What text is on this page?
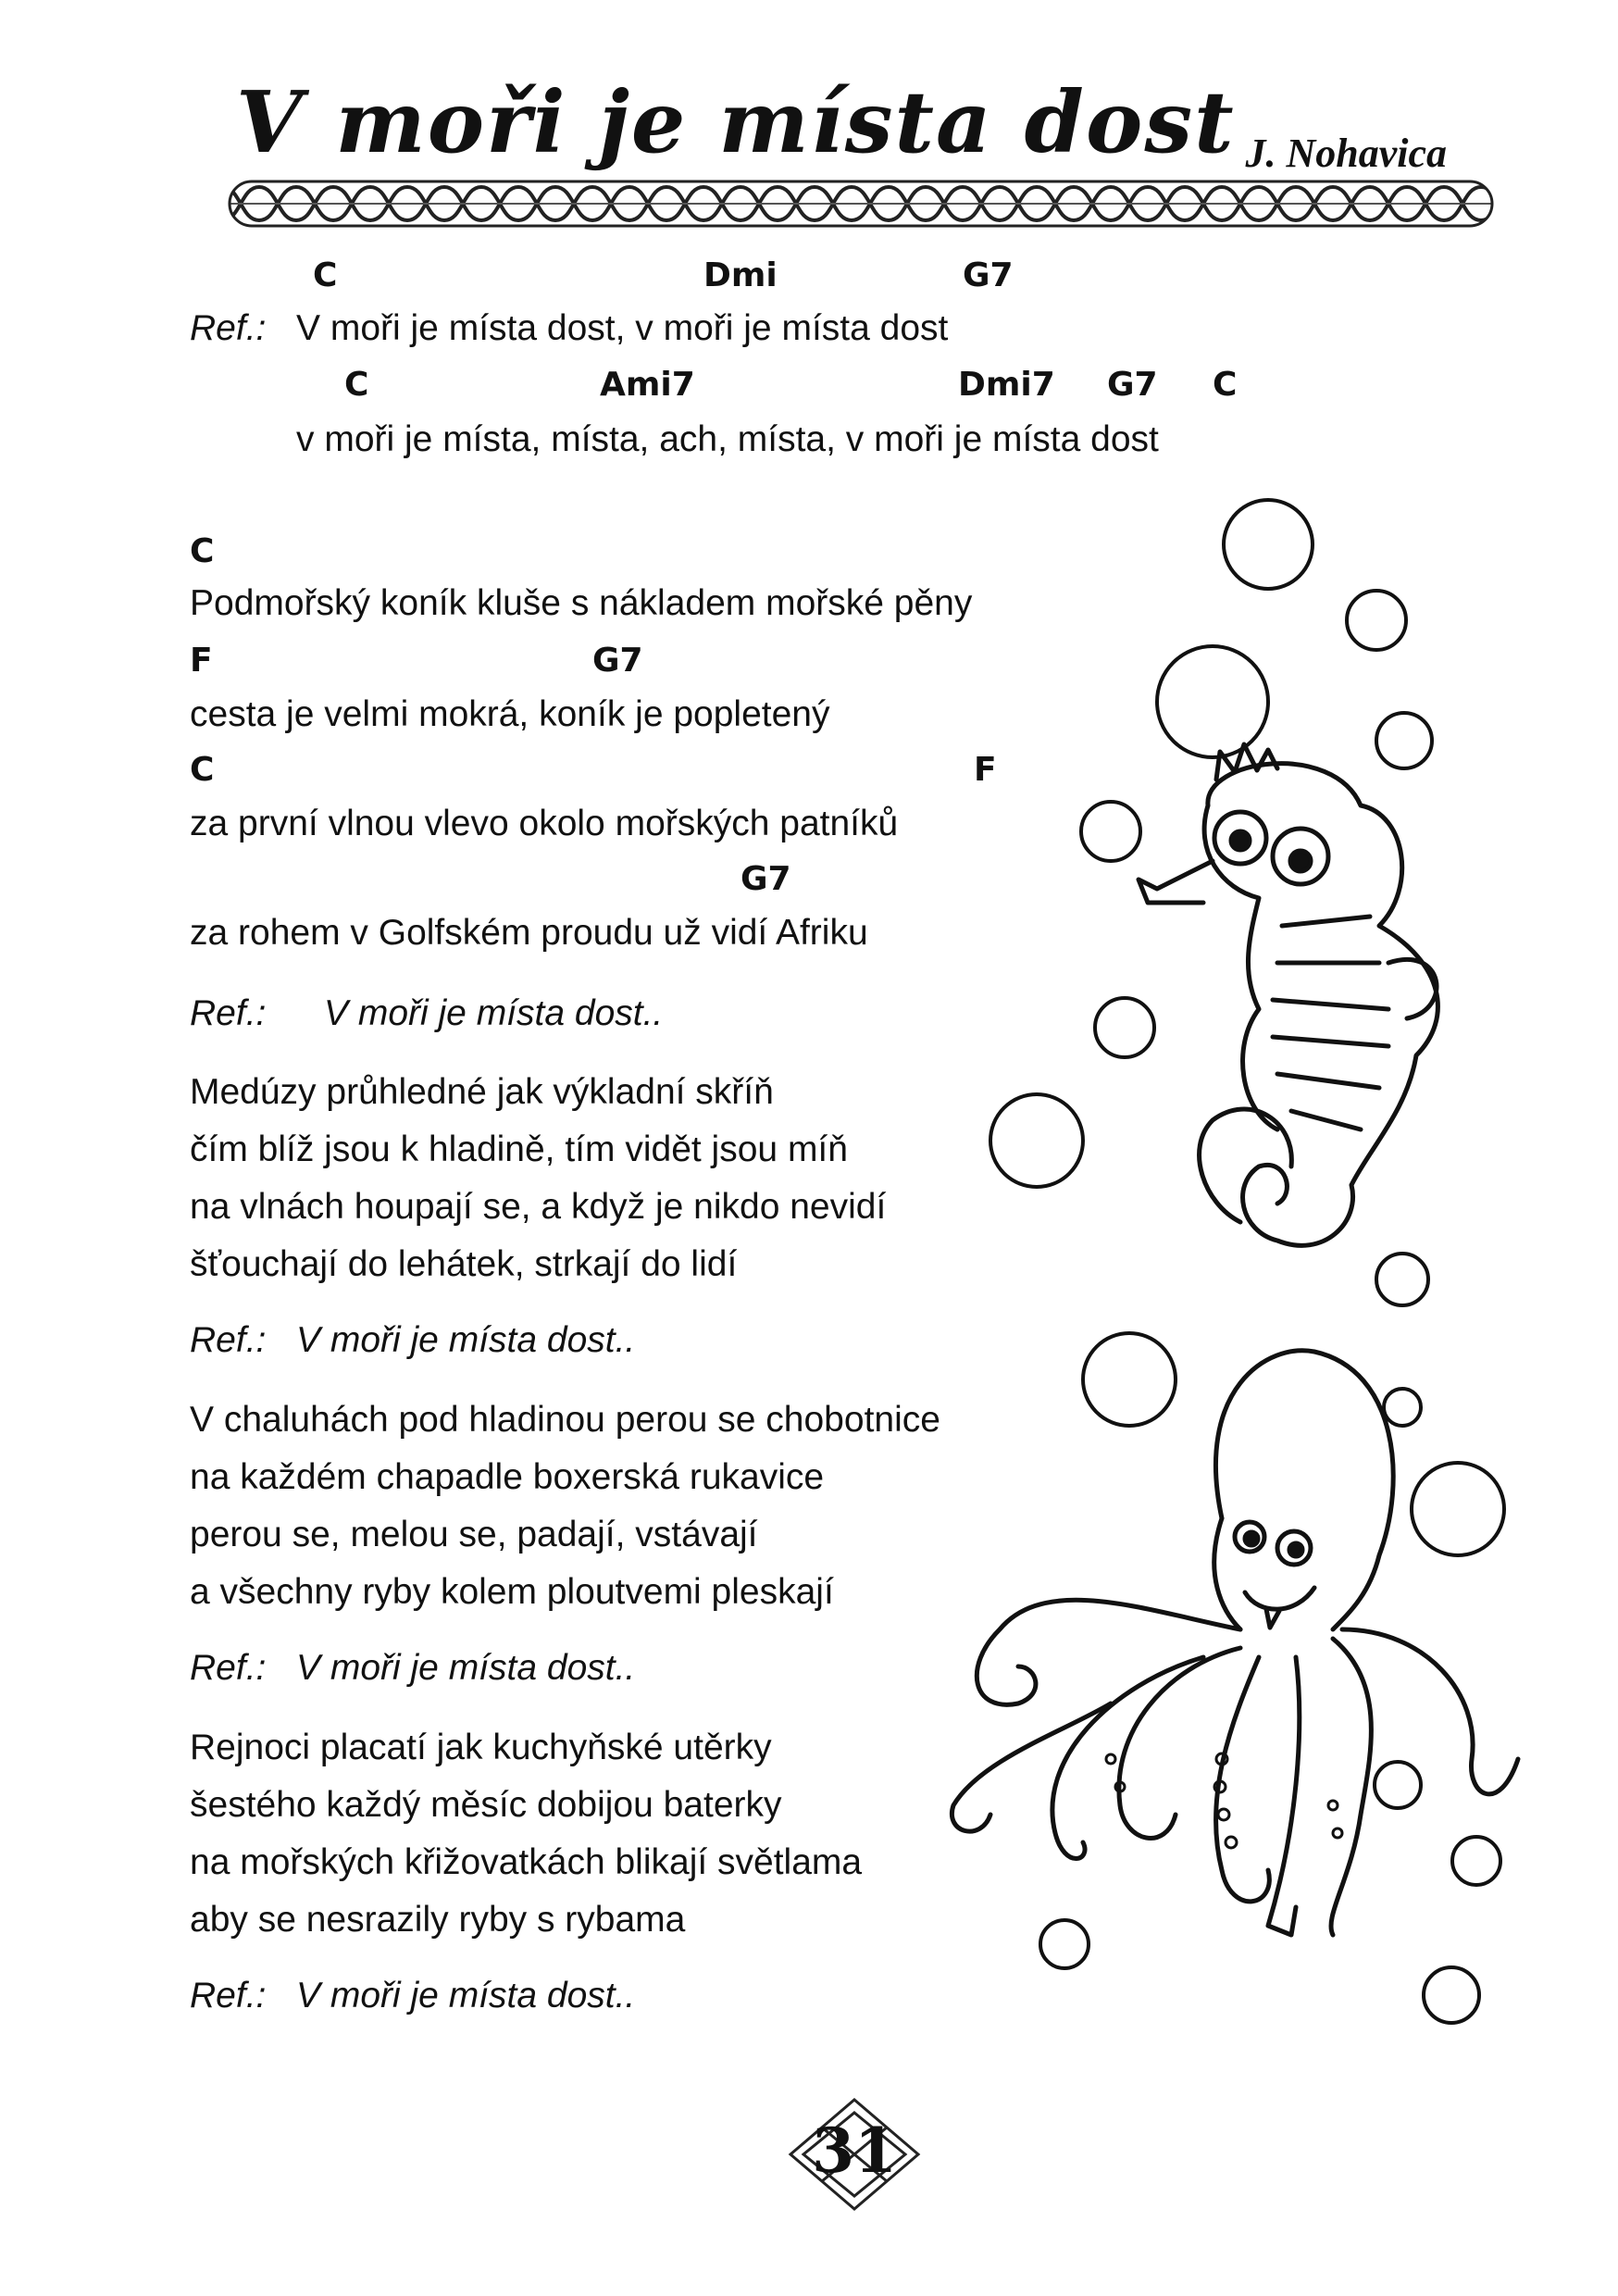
V moři je místa dost J. Nohavica
C	Dmi	G7
Ref.: V moři je místa dost, v moři je místa dost
C	Ami7	Dmi7 G7 C
v moři je místa, místa, ach, místa, v moři je místa dost
C
Podmořský koník kluše s nákladem mořské pěny
F	G7
cesta je velmi mokrá, koník je popletený
C	F
za první vlnou vlevo okolo mořských patníků
G7
za rohem v Golfském proudu už vidí Afriku
Ref.: V moři je místa dost..
Medúzy průhledné jak výkladní skříň
čím blíž jsou k hladině, tím vidět jsou míň
na vlnách houpají se, a když je nikdo nevidí
šťouchají do lehátek, strkají do lidí
Ref.: V moři je místa dost..
V chaluhách pod hladinou perou se chobotnice
na každém chapadle boxerská rukavice
perou se, melou se, padají, vstávají
a všechny ryby kolem ploutvemi pleskají
Ref.: V moři je místa dost..
Rejnoci placatí jak kuchyňské utěrky
šestého každý měsíc dobijou baterky
na mořských křižovatkách blikají světlama
aby se nesrazily ryby s rybama
Ref.: V moři je místa dost..
31
